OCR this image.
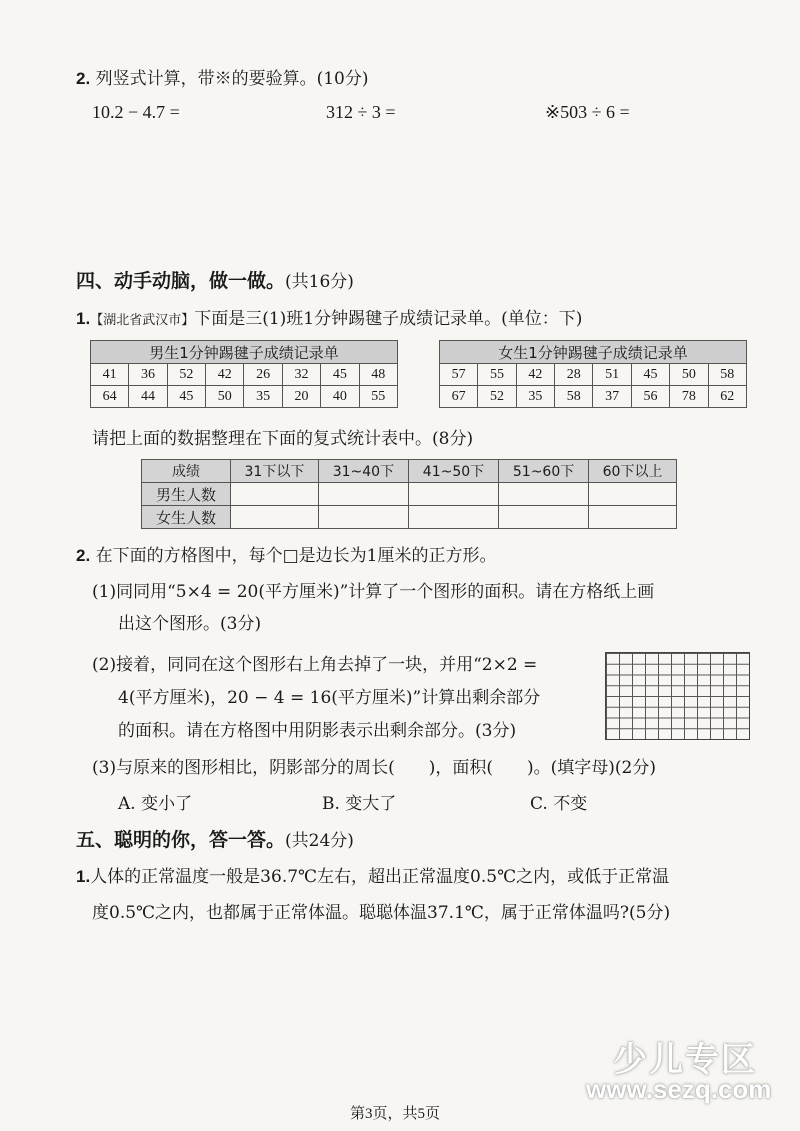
2. 列竖式计算，带※的要验算。(10分)
10.2 − 4.7 =	312 ÷ 3 =	※503 ÷ 6 =
四、动手动脑，做一做。(共16分)
1.【湖北省武汉市】下面是三(1)班1分钟踢毽子成绩记录单。(单位：下)
男生1分钟踢毽子成绩记录单							
41	36	52	42	26	32	45	48
64	44	45	50	35	20	40	55
女生1分钟踢毽子成绩记录单							
57	55	42	28	51	45	50	58
67	52	35	58	37	56	78	62
请把上面的数据整理在下面的复式统计表中。(8分)
成绩	31下以下	31~40下	41~50下	51~60下	60下以上
男生人数					
女生人数					
2. 在下面的方格图中，每个□是边长为1厘米的正方形。
(1)同同用“5×4 = 20(平方厘米)”计算了一个图形的面积。请在方格纸上画
出这个图形。(3分)
(2)接着，同同在这个图形右上角去掉了一块，并用“2×2 =
4(平方厘米)，20 − 4 = 16(平方厘米)”计算出剩余部分
的面积。请在方格图中用阴影表示出剩余部分。(3分)
(3)与原来的图形相比，阴影部分的周长(　　)，面积(　　)。(填字母)(2分)
A. 变小了	B. 变大了	C. 不变
五、聪明的你，答一答。(共24分)
1.人体的正常温度一般是36.7℃左右，超出正常温度0.5℃之内，或低于正常温
度0.5℃之内，也都属于正常体温。聪聪体温37.1℃，属于正常体温吗?(5分)
少儿专区
www.sezq.com
第3页，共5页
